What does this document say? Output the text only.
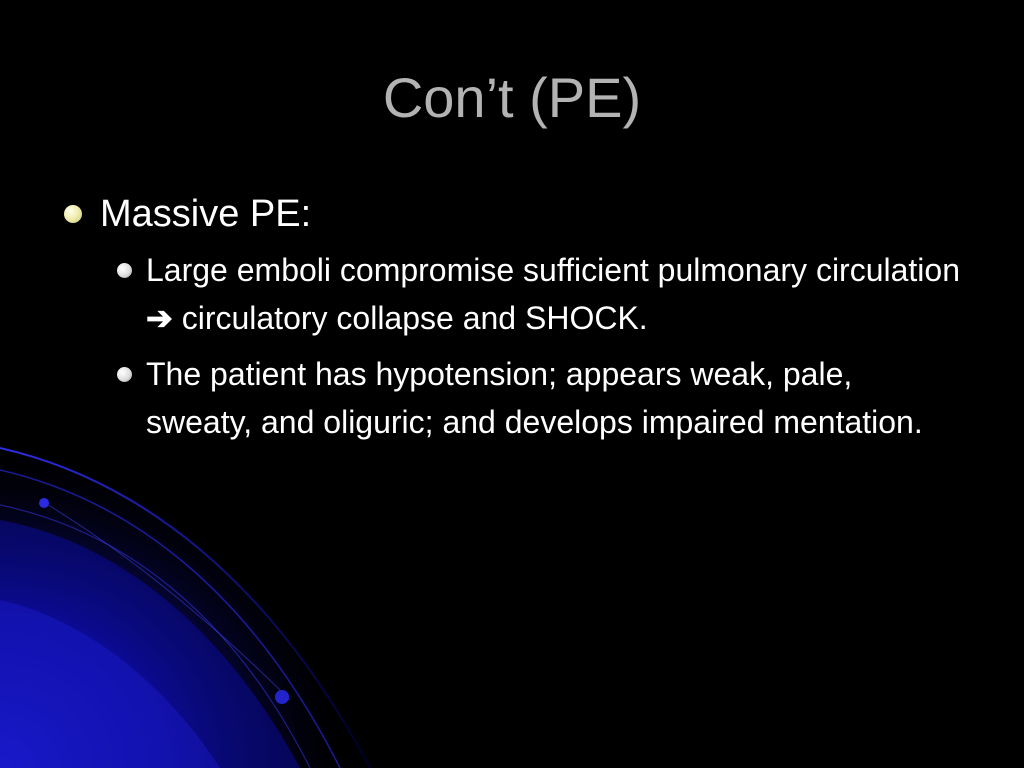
Con’t (PE)
Massive PE:
Large emboli compromise sufficient pulmonary circulation ➔ circulatory collapse and SHOCK.
The patient has hypotension; appears weak, pale, sweaty, and oliguric; and develops impaired mentation.
